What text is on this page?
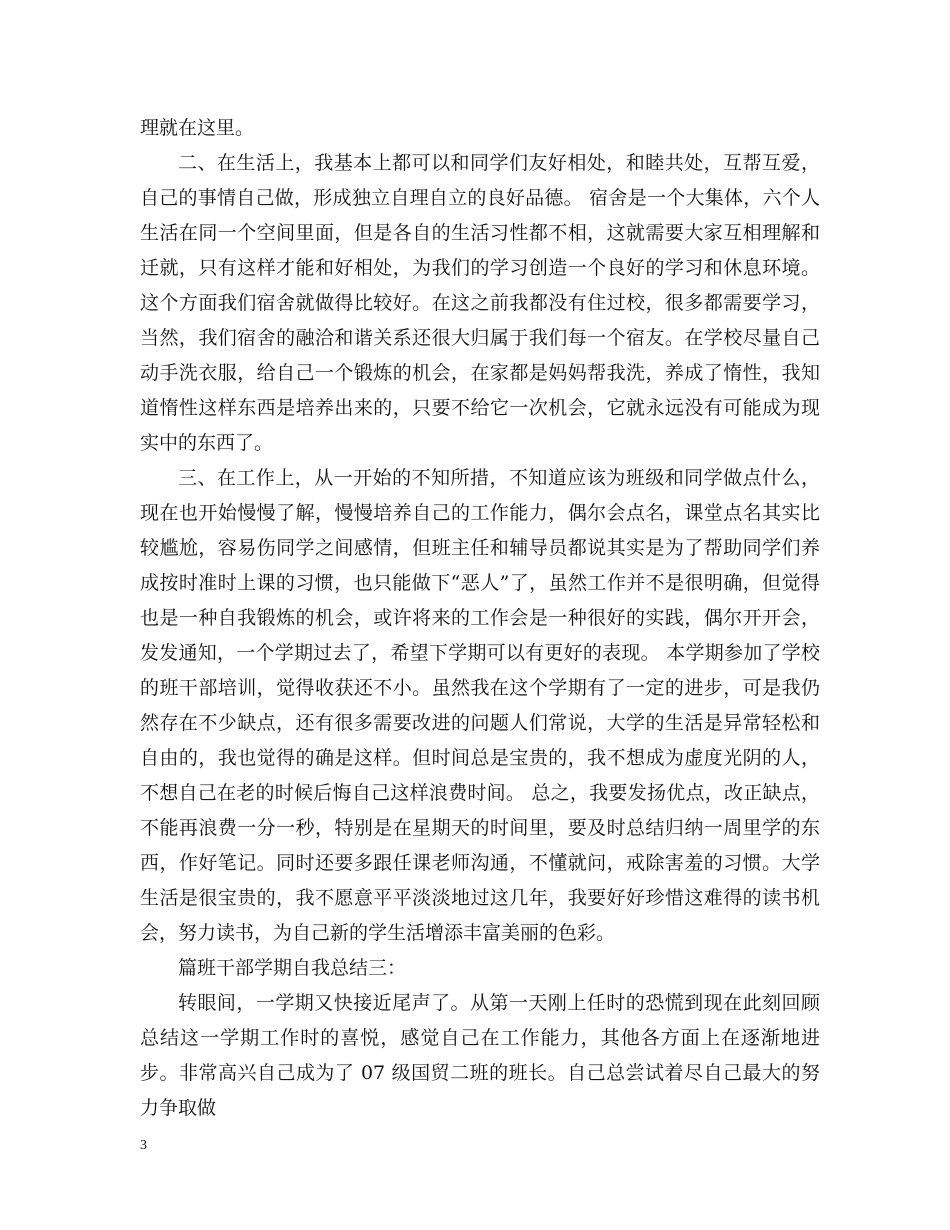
理就在这里。

二、在生活上，我基本上都可以和同学们友好相处，和睦共处，互帮互爱，自己的事情自己做，形成独立自理自立的良好品德。 宿舍是一个大集体，六个人生活在同一个空间里面，但是各自的生活习性都不相，这就需要大家互相理解和迁就，只有这样才能和好相处，为我们的学习创造一个良好的学习和休息环境。这个方面我们宿舍就做得比较好。在这之前我都没有住过校，很多都需要学习，当然，我们宿舍的融洽和谐关系还很大归属于我们每一个宿友。在学校尽量自己动手洗衣服，给自己一个锻炼的机会，在家都是妈妈帮我洗，养成了惰性，我知道惰性这样东西是培养出来的，只要不给它一次机会，它就永远没有可能成为现实中的东西了。

三、在工作上，从一开始的不知所措，不知道应该为班级和同学做点什么，现在也开始慢慢了解，慢慢培养自己的工作能力，偶尔会点名，课堂点名其实比较尴尬，容易伤同学之间感情，但班主任和辅导员都说其实是为了帮助同学们养成按时准时上课的习惯，也只能做下“恶人”了，虽然工作并不是很明确，但觉得也是一种自我锻炼的机会，或许将来的工作会是一种很好的实践，偶尔开开会，发发通知，一个学期过去了，希望下学期可以有更好的表现。 本学期参加了学校的班干部培训，觉得收获还不小。虽然我在这个学期有了一定的进步，可是我仍然存在不少缺点，还有很多需要改进的问题人们常说，大学的生活是异常轻松和自由的，我也觉得的确是这样。但时间总是宝贵的，我不想成为虚度光阴的人，不想自己在老的时候后悔自己这样浪费时间。 总之，我要发扬优点，改正缺点，不能再浪费一分一秒，特别是在星期天的时间里，要及时总结归纳一周里学的东西，作好笔记。同时还要多跟任课老师沟通，不懂就问，戒除害羞的习惯。大学生活是很宝贵的，我不愿意平平淡淡地过这几年，我要好好珍惜这难得的读书机会，努力读书，为自己新的学生活增添丰富美丽的色彩。

篇班干部学期自我总结三：

转眼间，一学期又快接近尾声了。从第一天刚上任时的恐慌到现在此刻回顾总结这一学期工作时的喜悦，感觉自己在工作能力，其他各方面上在逐渐地进步。非常高兴自己成为了 07 级国贸二班的班长。自己总尝试着尽自己最大的努力争取做

3
